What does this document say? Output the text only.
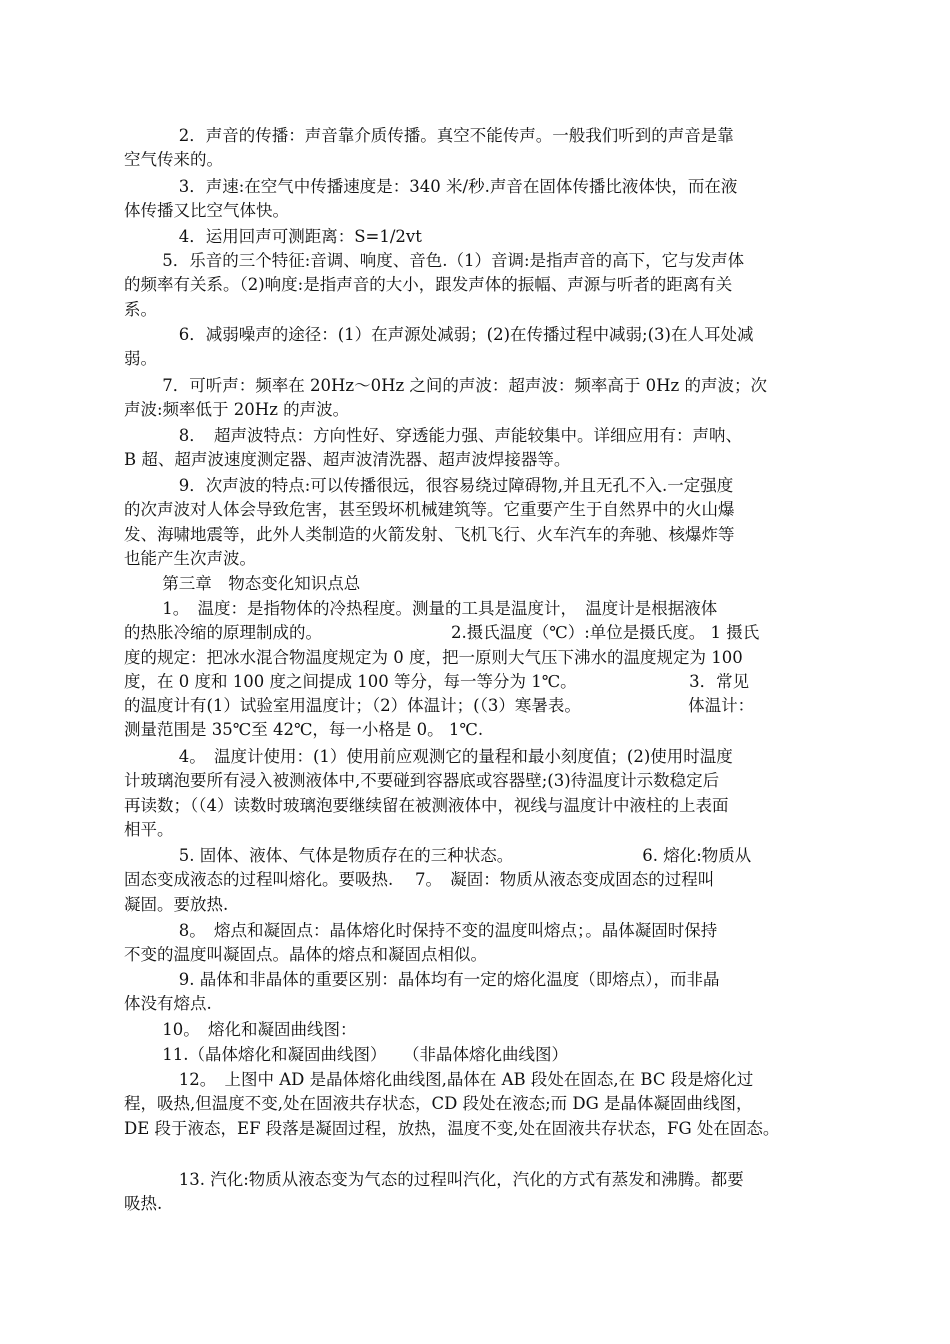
　　　 2．声音的传播：声音靠介质传播。真空不能传声。一般我们听到的声音是靠
空气传来的。

　　　 3．声速:在空气中传播速度是：340 米/秒.声音在固体传播比液体快，而在液
体传播又比空气体快。

　　　 4．运用回声可测距离：S=1/2vt

　　 5．乐音的三个特征:音调、响度、音色.（1）音调:是指声音的高下，它与发声体
的频率有关系。（2)响度:是指声音的大小，跟发声体的振幅、声源与听者的距离有关
系。

　　　 6．减弱噪声的途径：(1）在声源处减弱；(2)在传播过程中减弱;(3)在人耳处减
弱。

　　 7．可听声：频率在 20Hz～0Hz 之间的声波：超声波：频率高于 0Hz 的声波；次
声波:频率低于 20Hz 的声波。

　　　 8．　超声波特点：方向性好、穿透能力强、声能较集中。详细应用有：声呐、
B 超、超声波速度测定器、超声波清洗器、超声波焊接器等。

　　　 9．次声波的特点:可以传播很远，很容易绕过障碍物,并且无孔不入.一定强度
的次声波对人体会导致危害，甚至毁坏机械建筑等。它重要产生于自然界中的火山爆
发、海啸地震等，此外人类制造的火箭发射、飞机飞行、火车汽车的奔驰、核爆炸等
也能产生次声波。

　　 第三章　物态变化知识点总

　　 1。　温度：是指物体的冷热程度。测量的工具是温度计，　温度计是根据液体
的热胀冷缩的原理制成的。　　　　　　　　 2.摄氏温度（℃）:单位是摄氏度。 1 摄氏
度的规定：把冰水混合物温度规定为 0 度，把一原则大气压下沸水的温度规定为 100
度，在 0 度和 100 度之间提成 100 等分，每一等分为 1℃。　　　　　　　 3．常见
的温度计有(1）试验室用温度计；（2）体温计；(（3）寒暑表。　　　　　　　体温计：
测量范围是 35℃至 42℃，每一小格是 0。 1℃.

　　　 4。　温度计使用：(1）使用前应观测它的量程和最小刻度值；(2)使用时温度
计玻璃泡要所有浸入被测液体中,不要碰到容器底或容器壁;(3)待温度计示数稳定后
再读数；（（4）读数时玻璃泡要继续留在被测液体中，视线与温度计中液柱的上表面
相平。

　　　 5. 固体、液体、气体是物质存在的三种状态。　　　　　　　　 6. 熔化:物质从
固态变成液态的过程叫熔化。要吸热.　 7。　凝固：物质从液态变成固态的过程叫
凝固。要放热.

　　　 8。　熔点和凝固点：晶体熔化时保持不变的温度叫熔点；。晶体凝固时保持
不变的温度叫凝固点。晶体的熔点和凝固点相似。

　　　 9. 晶体和非晶体的重要区别：晶体均有一定的熔化温度（即熔点），而非晶
体没有熔点.

　　 10。　熔化和凝固曲线图：

　　 11.（晶体熔化和凝固曲线图）　　（非晶体熔化曲线图）

　　　 12。　上图中 AD 是晶体熔化曲线图,晶体在 AB 段处在固态,在 BC 段是熔化过
程，吸热,但温度不变,处在固液共存状态，CD 段处在液态;而 DG 是晶体凝固曲线图，
DE 段于液态，EF 段落是凝固过程，放热，温度不变,处在固液共存状态，FG 处在固态。

　　　 13. 汽化:物质从液态变为气态的过程叫汽化，汽化的方式有蒸发和沸腾。都要
吸热.
